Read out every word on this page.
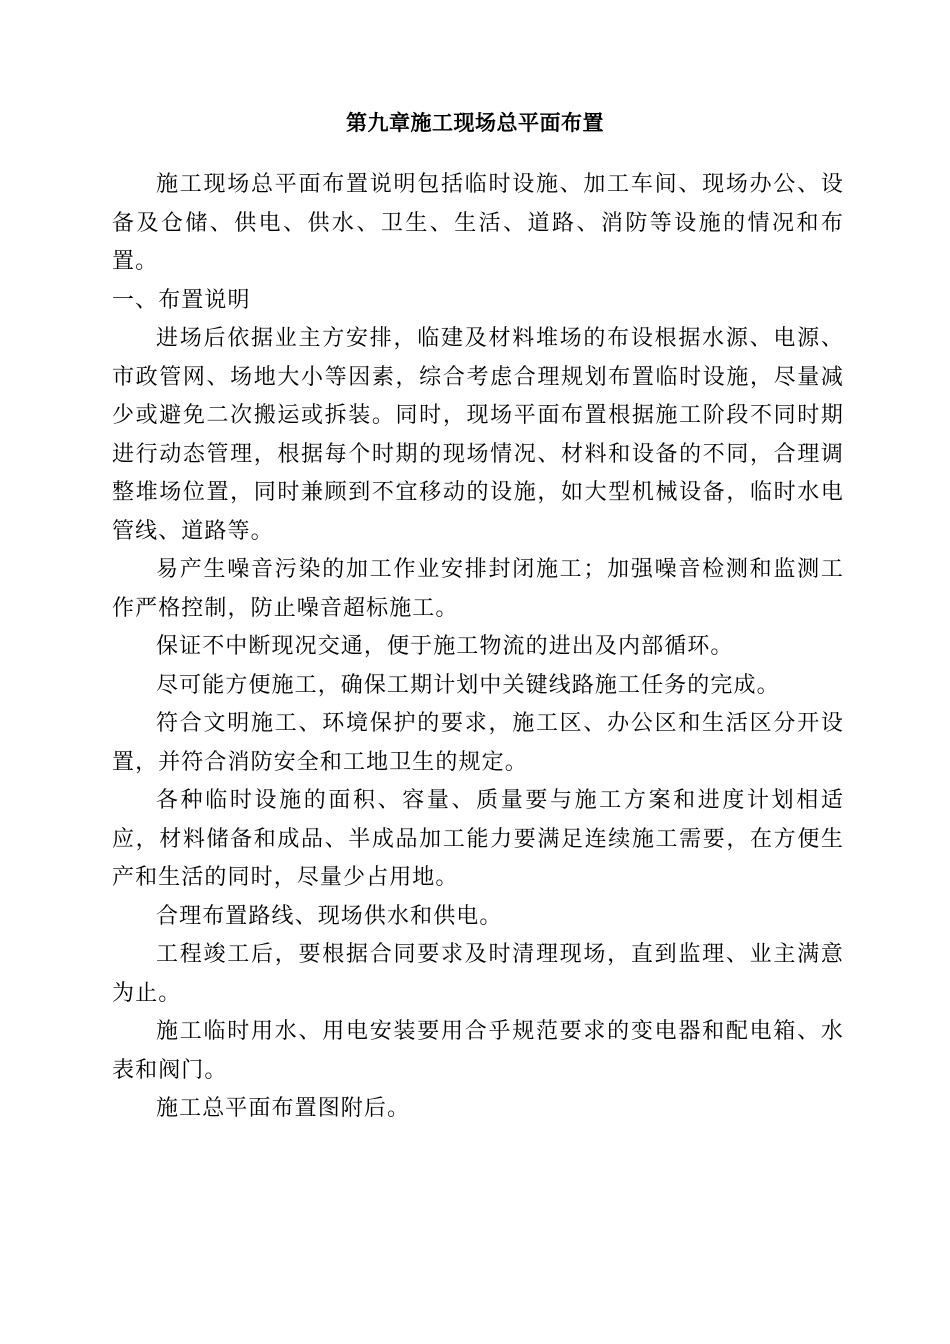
第九章施工现场总平面布置

施工现场总平面布置说明包括临时设施、加工车间、现场办公、设备及仓储、供电、供水、卫生、生活、道路、消防等设施的情况和布置。

一、布置说明

进场后依据业主方安排，临建及材料堆场的布设根据水源、电源、市政管网、场地大小等因素，综合考虑合理规划布置临时设施，尽量减少或避免二次搬运或拆装。同时，现场平面布置根据施工阶段不同时期进行动态管理，根据每个时期的现场情况、材料和设备的不同，合理调整堆场位置，同时兼顾到不宜移动的设施，如大型机械设备，临时水电管线、道路等。

易产生噪音污染的加工作业安排封闭施工；加强噪音检测和监测工作严格控制，防止噪音超标施工。

保证不中断现况交通，便于施工物流的进出及内部循环。

尽可能方便施工，确保工期计划中关键线路施工任务的完成。

符合文明施工、环境保护的要求，施工区、办公区和生活区分开设置，并符合消防安全和工地卫生的规定。

各种临时设施的面积、容量、质量要与施工方案和进度计划相适应，材料储备和成品、半成品加工能力要满足连续施工需要，在方便生产和生活的同时，尽量少占用地。

合理布置路线、现场供水和供电。

工程竣工后，要根据合同要求及时清理现场，直到监理、业主满意为止。

施工临时用水、用电安装要用合乎规范要求的变电器和配电箱、水表和阀门。

施工总平面布置图附后。
